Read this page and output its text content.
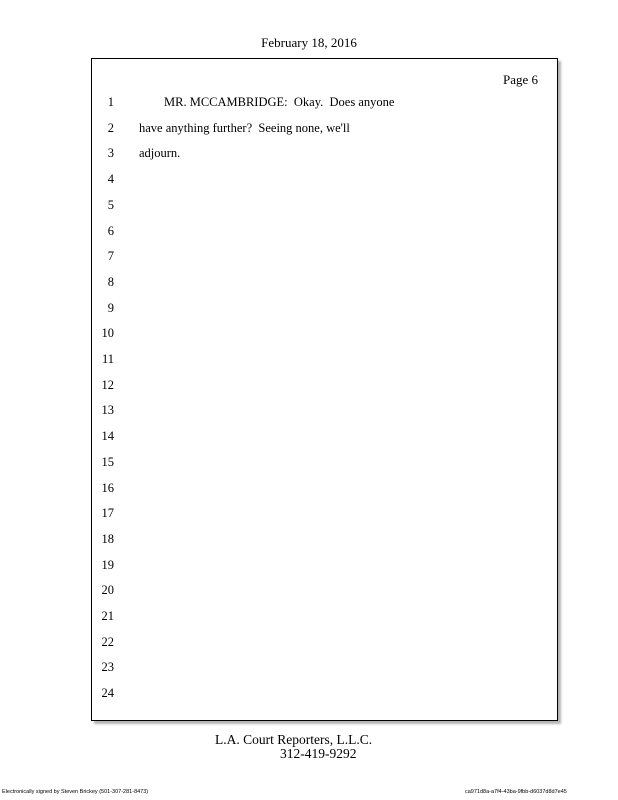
February 18, 2016
Page 6
1 MR. MCCAMBRIDGE:  Okay.  Does anyone
2 have anything further?  Seeing none, we'll
3 adjourn.
4
5
6
7
8
9
10
11
12
13
14
15
16
17
18
19
20
21
22
23
24
L.A. Court Reporters, L.L.C.
312-419-9292
Electronically signed by Steven Brickey (501-307-281-8473)	ca971d8a-a7f4-43ba-9fbb-d6037d8d7e45
